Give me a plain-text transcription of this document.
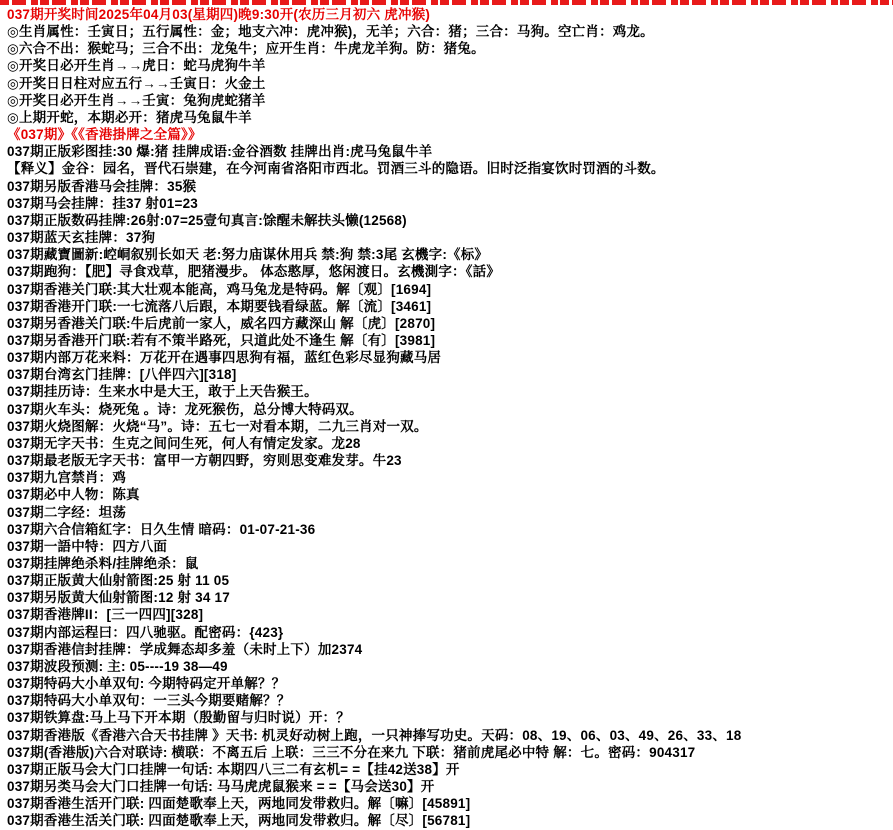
037期开奖时间2025年04月03(星期四)晚9:30开(农历三月初六 虎冲猴)
◎生肖属性：壬寅日；五行属性：金；地支六冲：虎冲猴)，无羊；六合：猪；三合：马狗。空亡肖：鸡龙。
◎六合不出：猴蛇马；三合不出：龙兔牛；应开生肖：牛虎龙羊狗。防：猪兔。
◎开奖日必开生肖→→虎日：蛇马虎狗牛羊
◎开奖日日柱对应五行→→壬寅日：火金土
◎开奖日必开生肖→→壬寅：兔狗虎蛇猪羊
◎上期开蛇，本期必开：猪虎马兔鼠牛羊
《037期》《《香港掛牌之全篇》》
037期正版彩图挂:30 爆:猪 挂牌成语:金谷酒数 挂牌出肖:虎马兔鼠牛羊
【释义】金谷：园名，晋代石崇建，在今河南省洛阳市西北。罚酒三斗的隐语。旧时泛指宴饮时罚酒的斗数。
037期另版香港马会挂牌：35猴
037期马会挂牌：挂37 射01=23
037期正版数码挂牌:26射:07=25壹句真言:馀醒未解扶头懒(12568)
037期蓝天玄挂牌：37狗
037期藏寶圖新:崆峒叙别长如天 老:努力庙谋休用兵 禁:狗 禁:3尾 玄機字:《标》
037期跑狗：【肥】寻食戏草，肥猪漫步。 体态憨厚，悠闲渡日。玄機測字：《話》
037期香港关门联:其大壮观本能高，鸡马兔龙是特码。解〔观〕[1694]
037期香港开门联:一七流落八后跟，本期要钱看绿蓝。解〔流〕[3461]
037期另香港关门联:牛后虎前一家人，威名四方藏深山 解〔虎〕[2870]
037期另香港开门联:若有不策半路死，只道此处不逢生 解〔有〕[3981]
037期内部万花来料：万花开在遇事四思狗有福，蓝红色彩尽显狗藏马居
037期台湾玄门挂牌：[八伴四六][318]
037期挂历诗：生来水中是大王，敢于上天告猴王。
037期火车头：烧死兔 。诗：龙死猴伤，总分博大特码双。
037期火烧图解：火烧“马”。诗：五七一对看本期，二九三肖对一双。
037期无字天书：生克之间问生死，何人有情定发家。龙28
037期最老版无字天书：富甲一方朝四野，穷则思变难发芽。牛23
037期九宫禁肖：鸡
037期必中人物：陈真
037期二字经：坦荡
037期六合信箱紅字：日久生情 暗码：01-07-21-36
037期一語中特：四方八面
037期挂牌绝杀料/挂牌绝杀：鼠
037期正版黄大仙射箭图:25 射 11 05
037期另版黄大仙射箭图:12 射 34 17
037期香港牌II：[三一四四][328]
037期内部运程曰：四八驰驱。配密码：{423}
037期香港信封挂牌：学成舞态却多羞（未时上下）加2374
037期波段预测: 主: 05----19 38—49
037期特码大小单双句: 今期特码定开单解？？
037期特码大小单双句：一三头今期要赌解？？
037期铁算盘:马上马下开本期（殷勤留与归时说）开：？
037期香港版《香港六合天书挂牌 》天书: 机灵好动树上跑，一只神捧写功史。天码：08、19、06、03、49、26、33、18
037期(香港版)六合对联诗: 横联：不离五后 上联：三三不分在来九 下联：猪前虎尾必中特 解：七。密码：904317
037期正版马会大门口挂牌一句话: 本期四八三二有玄机= =【挂42送38】开
037期另类马会大门口挂牌一句话: 马马虎虎鼠猴来 = =【马会送30】开
037期香港生活开门联: 四面楚歌奉上天，两地同发带救归。解〔嘛〕[45891]
037期香港生活关门联: 四面楚歌奉上天，两地同发带救归。解〔尽〕[56781]
